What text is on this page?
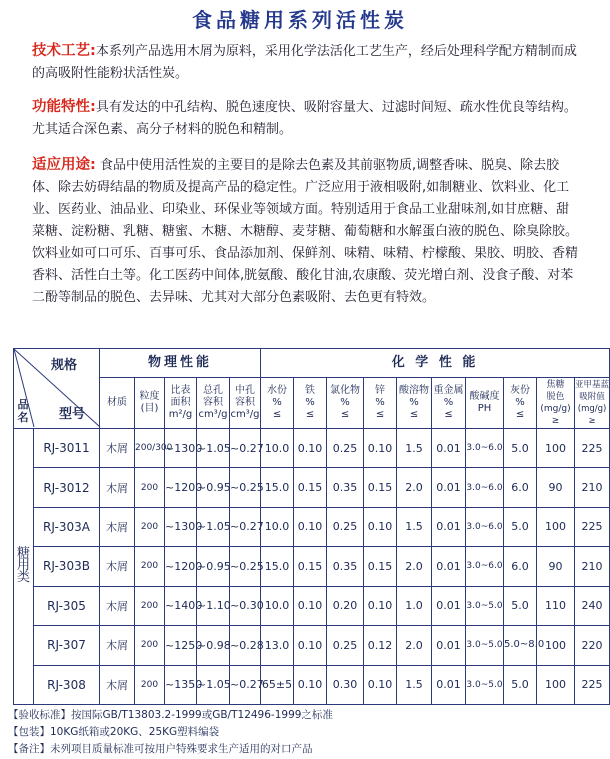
食品糖用系列活性炭
技术工艺:本系列产品选用木屑为原料，采用化学法活化工艺生产，经后处理科学配方精制而成的高吸附性能粉状活性炭。
功能特性:具有发达的中孔结构、脱色速度快、吸附容量大、过滤时间短、疏水性优良等结构。尤其适合深色素、高分子材料的脱色和精制。
适应用途: 食品中使用活性炭的主要目的是除去色素及其前驱物质,调整香味、脱臭、除去胶体、除去妨碍结晶的物质及提高产品的稳定性。广泛应用于液相吸附,如制糖业、饮料业、化工业、医药业、油品业、印染业、环保业等领域方面。特别适用于食品工业甜味剂,如甘庶糖、甜菜糖、淀粉糖、乳糖、糖蜜、木糖、木糖醇、麦芽糖、葡萄糖和水解蛋白液的脱色、除臭除胶。饮料业如可口可乐、百事可乐、食品添加剂、保鲜剂、味精、味精、柠檬酸、果胶、明胶、香精香料、活性白土等。化工医药中间体,胱氨酸、酸化甘油,农康酸、荧光增白剂、没食子酸、对苯二酚等制品的脱色、去异味、尤其对大部分色素吸附、去色更有特效。
规格
型号
品名		物理性能					化 学 性 能									
		材质	粒度
(目)	比表
面积
m²/g	总孔
容积
cm³/g	中孔
容积
cm³/g	水份
%
≤	铁
%
≤	氯化物
%
≤	锌
%
≤	酸溶物
%
≤	重金属
%
≤	酸碱度
PH	灰份
%
≤	焦糖
脱色
(mg/g)
≥	亚甲基蓝
吸附值
(mg/g)
≥

糖
用
类	RJ-3011	木屑	200/300	~1300	~1.05	~0.27	10.0	0.10	0.25	0.10	1.5	0.01	3.0~6.0	5.0	100	225
	RJ-3012	木屑	200	~1200	~0.95	~0.25	15.0	0.15	0.35	0.15	2.0	0.01	3.0~6.0	6.0	90	210
	RJ-303A	木屑	200	~1300	~1.05	~0.27	10.0	0.10	0.25	0.10	1.5	0.01	3.0~6.0	5.0	100	225
	RJ-303B	木屑	200	~1200	~0.95	~0.25	15.0	0.15	0.35	0.15	2.0	0.01	3.0~6.0	6.0	90	210
	RJ-305	木屑	200	~1400	~1.10	~0.30	10.0	0.10	0.20	0.10	1.0	0.01	3.0~5.0	5.0	110	240
	RJ-307	木屑	200	~1250	~0.98	~0.28	13.0	0.10	0.25	0.12	2.0	0.01	3.0~5.0	5.0~8.0	100	220
	RJ-308	木屑	200	~1350	~1.05	~0.27	65±5	0.10	0.30	0.10	1.5	0.01	3.0~5.0	5.0	100	225
【验收标准】按国际GB/T13803.2-1999或GB/T12496-1999之标准
【包装】10KG纸箱或20KG、25KG塑料编袋
【备注】未列项目质量标准可按用户特殊要求生产适用的对口产品
